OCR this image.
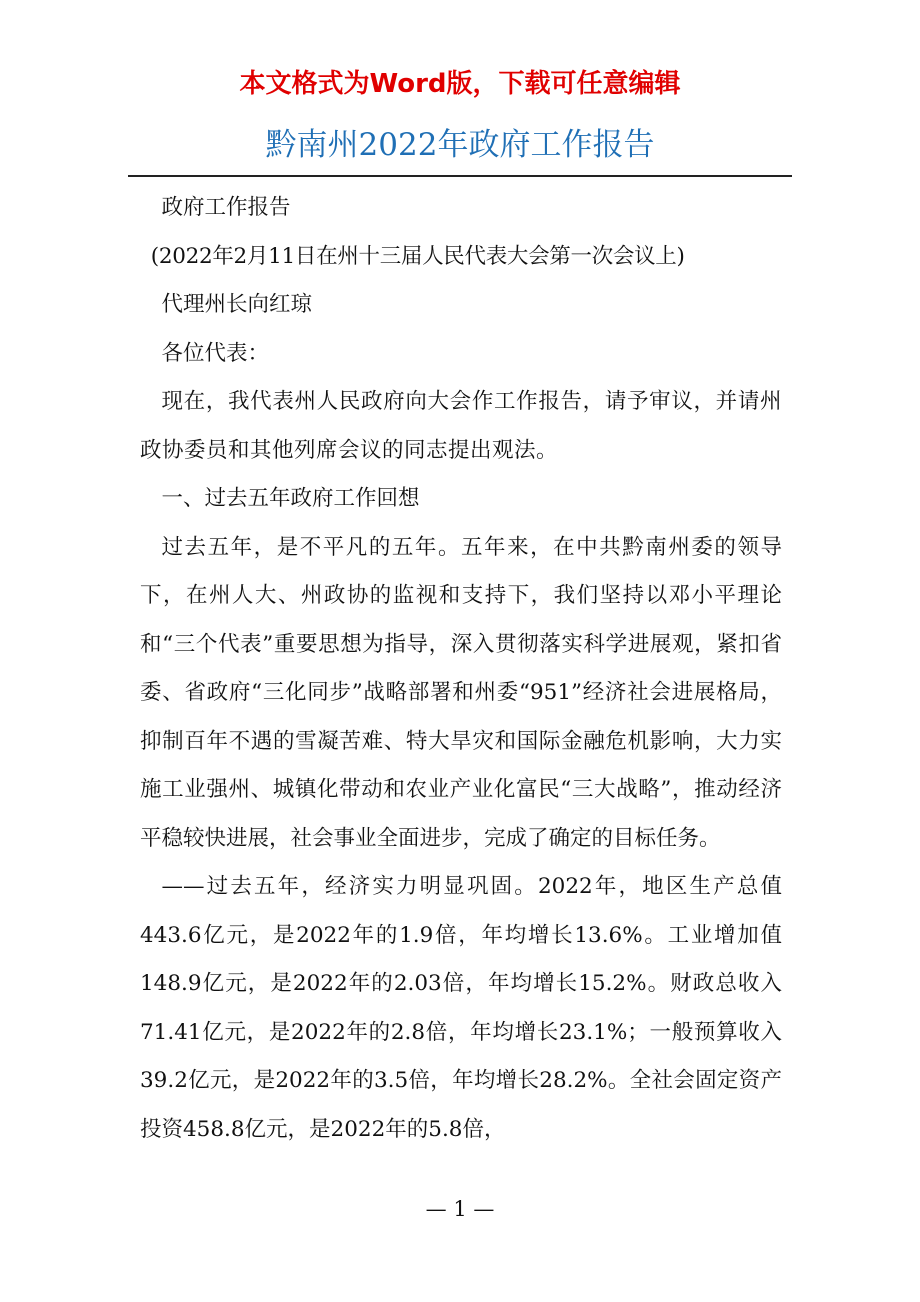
本文格式为Word版，下载可任意编辑
黔南州2022年政府工作报告

政府工作报告

(2022年2月11日在州十三届人民代表大会第一次会议上)

代理州长向红琼

各位代表：

现在，我代表州人民政府向大会作工作报告，请予审议，并请州政协委员和其他列席会议的同志提出观法。

一、过去五年政府工作回想

过去五年，是不平凡的五年。五年来，在中共黔南州委的领导下，在州人大、州政协的监视和支持下，我们坚持以邓小平理论和“三个代表”重要思想为指导，深入贯彻落实科学进展观，紧扣省委、省政府“三化同步”战略部署和州委“951”经济社会进展格局，抑制百年不遇的雪凝苦难、特大旱灾和国际金融危机影响，大力实施工业强州、城镇化带动和农业产业化富民“三大战略”，推动经济平稳较快进展，社会事业全面进步，完成了确定的目标任务。

——过去五年，经济实力明显巩固。2022年，地区生产总值443.6亿元，是2022年的1.9倍，年均增长13.6%。工业增加值148.9亿元，是2022年的2.03倍，年均增长15.2%。财政总收入71.41亿元，是2022年的2.8倍，年均增长23.1%；一般预算收入39.2亿元，是2022年的3.5倍，年均增长28.2%。全社会固定资产投资458.8亿元，是2022年的5.8倍，

— 1 —
